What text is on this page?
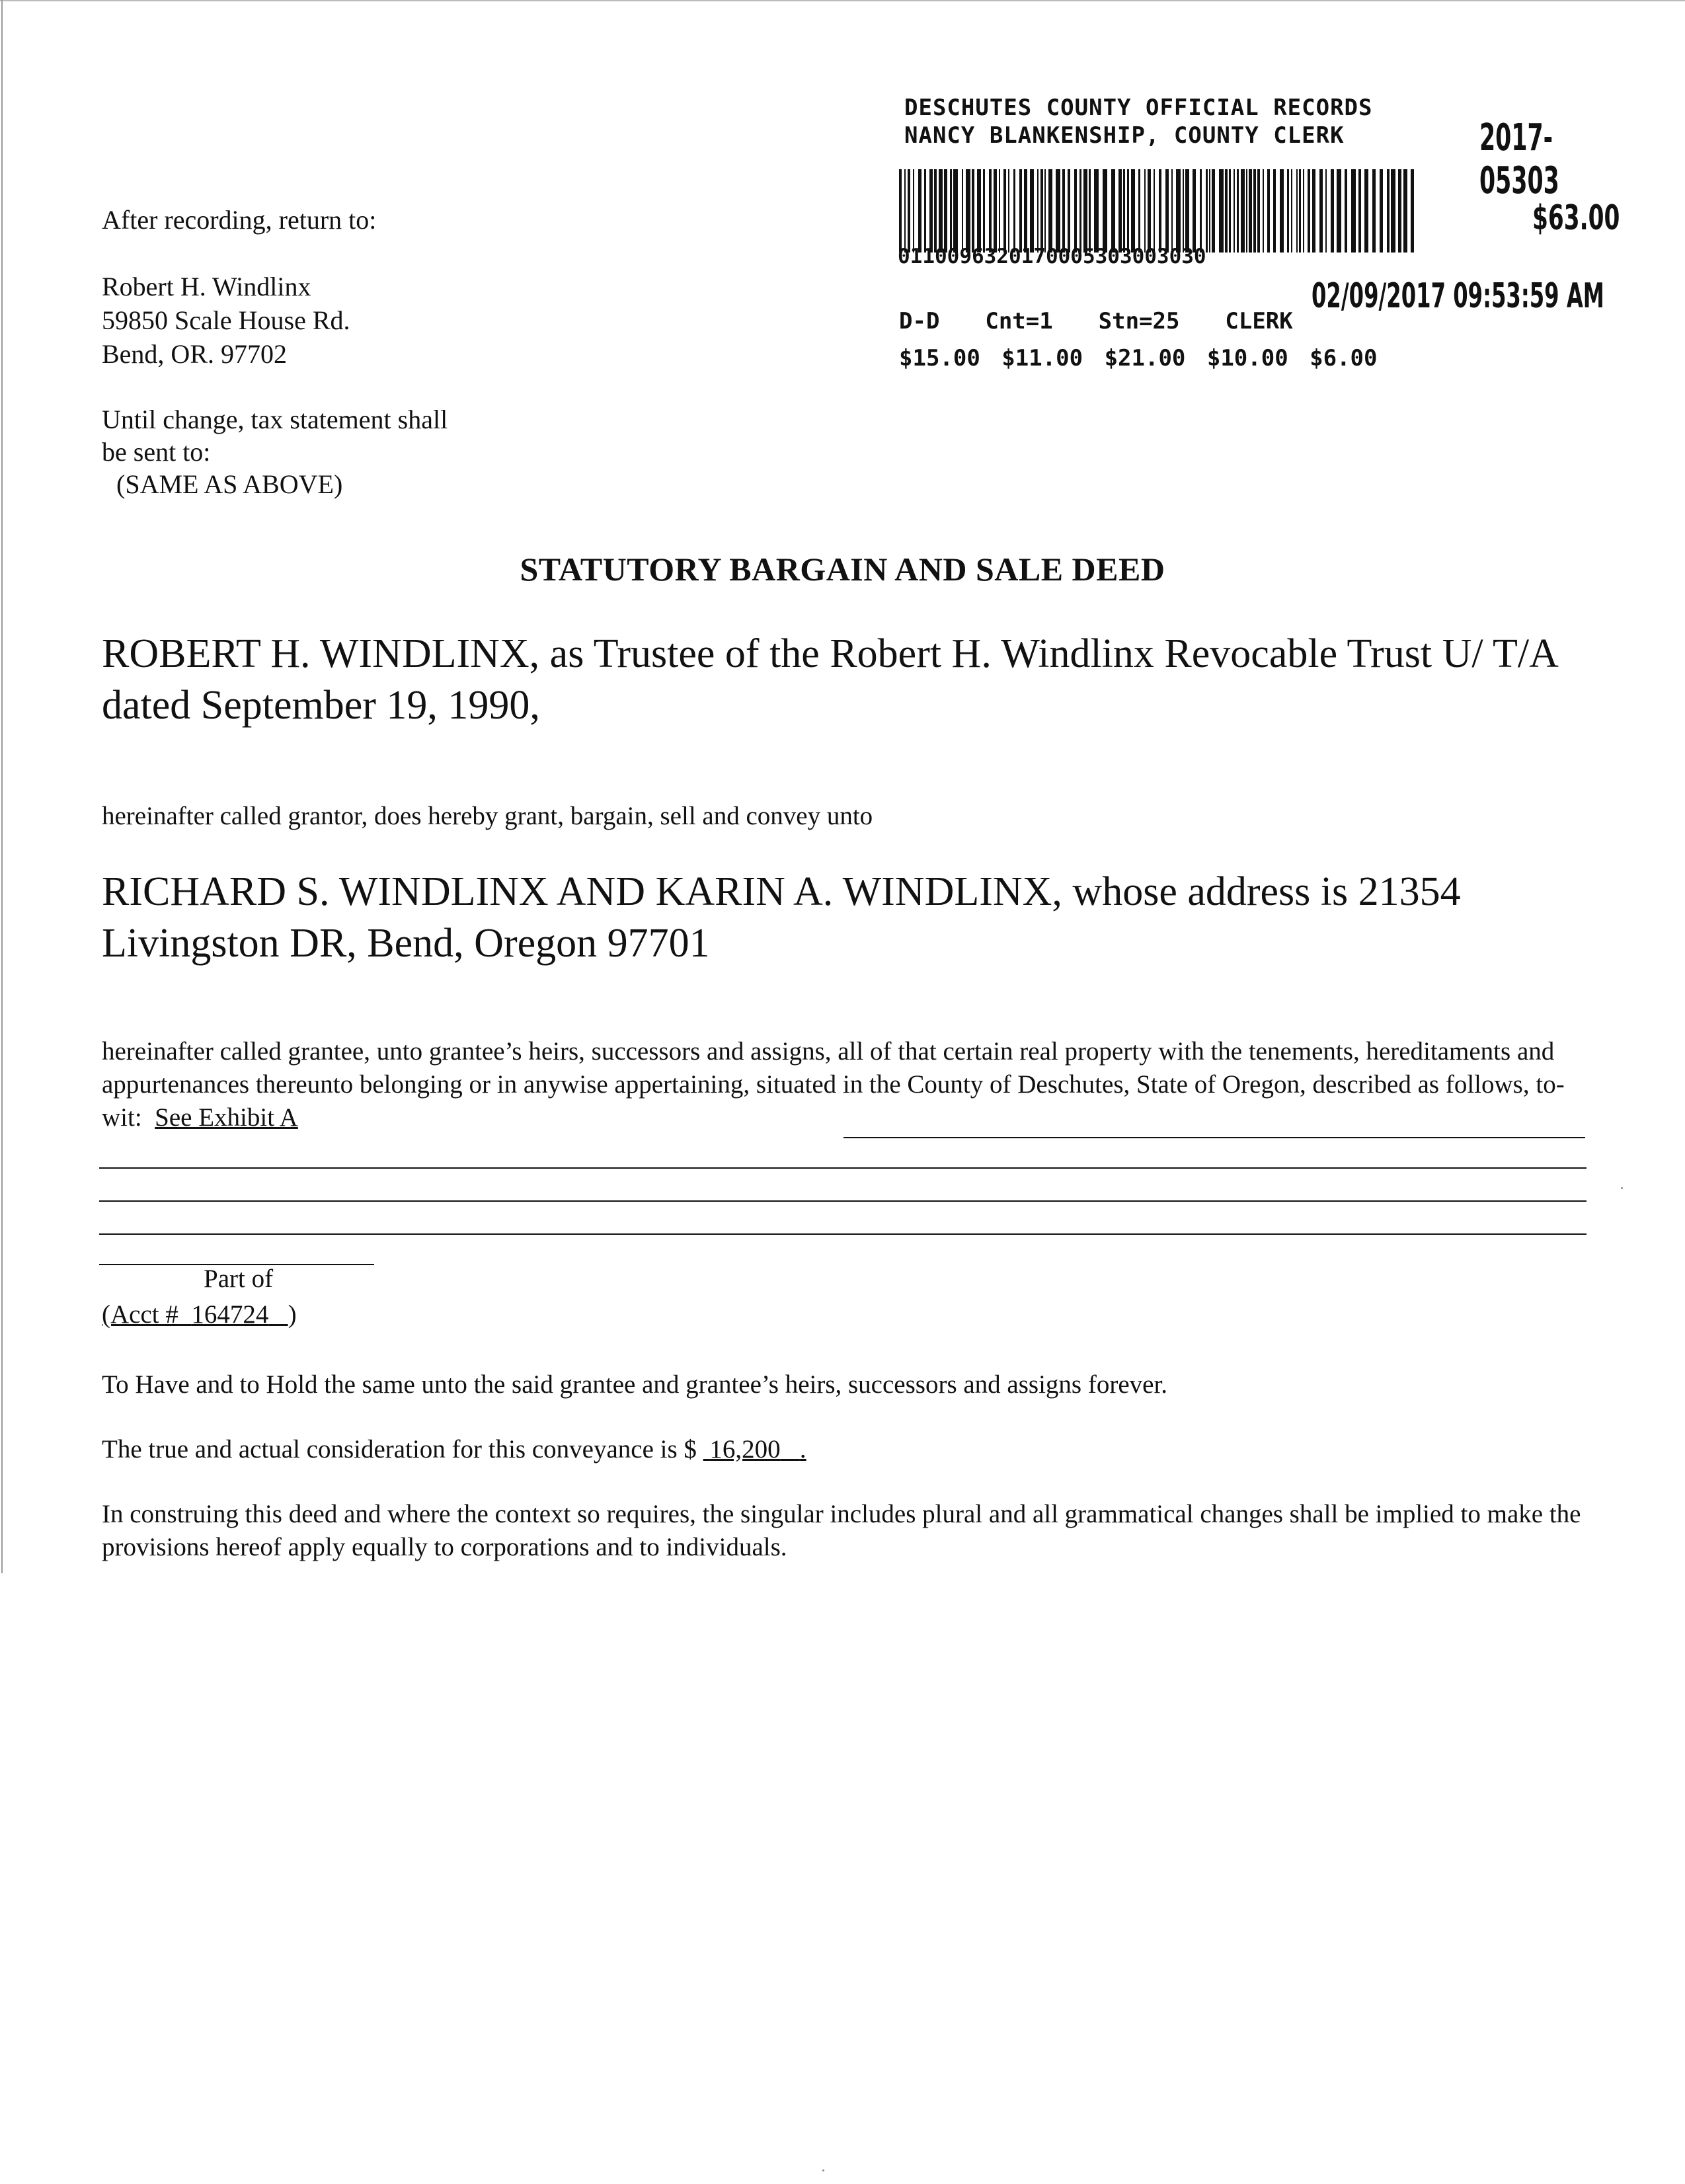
After recording, return to:
Robert H. Windlinx
59850 Scale House Rd.
Bend, OR. 97702
Until change, tax statement shall
be sent to:
(SAME AS ABOVE)
DESCHUTES COUNTY OFFICIAL RECORDS
NANCY BLANKENSHIP, COUNTY CLERK	2017-05303
$63.00
011009632017000530300303​0
02/09/2017 09:53:59 AM
D-D  Cnt=1  Stn=25  CLERK
$15.00 $11.00 $21.00 $10.00 $6.00
STATUTORY BARGAIN AND SALE DEED
ROBERT H. WINDLINX, as Trustee of the Robert H. Windlinx Revocable Trust U/ T/A dated September 19, 1990,
hereinafter called grantor, does hereby grant, bargain, sell and convey unto
RICHARD S. WINDLINX AND KARIN A. WINDLINX, whose address is 21354 Livingston DR, Bend, Oregon 97701
hereinafter called grantee, unto grantee’s heirs, successors and assigns, all of that certain real property with the tenements, hereditaments and appurtenances thereunto belonging or in anywise appertaining, situated in the County of Deschutes, State of Oregon, described as follows, to-wit: See Exhibit A
Part of
(Acct # 164724 )
To Have and to Hold the same unto the said grantee and grantee’s heirs, successors and assigns forever.
The true and actual consideration for this conveyance is $ 16,200 .
In construing this deed and where the context so requires, the singular includes plural and all grammatical changes shall be implied to make the provisions hereof apply equally to corporations and to individuals.
